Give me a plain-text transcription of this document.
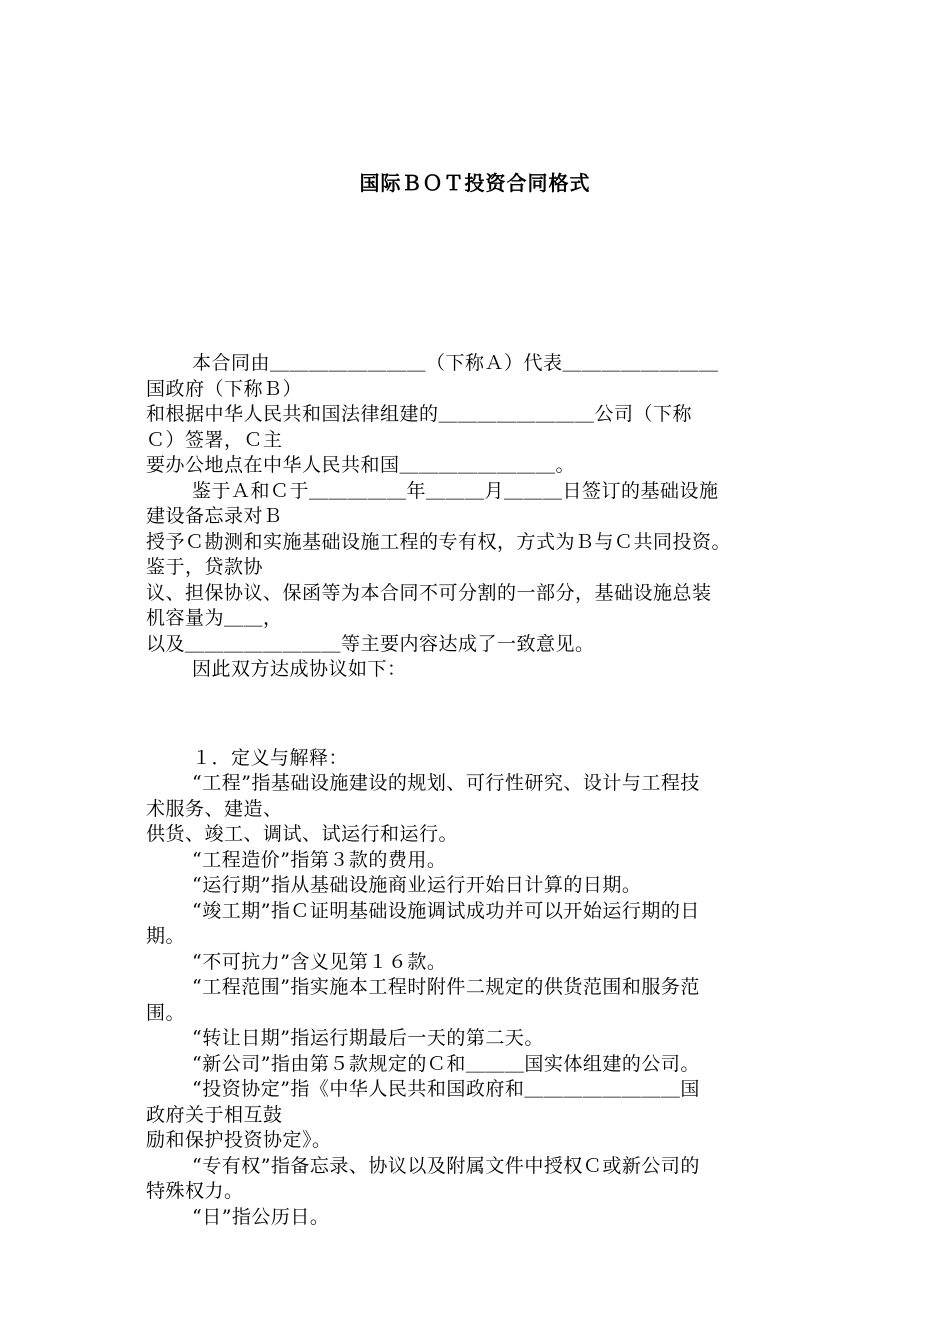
国际ＢＯＴ投资合同格式
本合同由＿＿＿＿＿＿＿＿（下称Ａ）代表＿＿＿＿＿＿＿＿
国政府（下称Ｂ）
和根据中华人民共和国法律组建的＿＿＿＿＿＿＿＿公司（下称
Ｃ）签署，Ｃ主
要办公地点在中华人民共和国＿＿＿＿＿＿＿＿。
鉴于Ａ和Ｃ于＿＿＿＿＿年＿＿＿月＿＿＿日签订的基础设施
建设备忘录对Ｂ
授予Ｃ勘测和实施基础设施工程的专有权，方式为Ｂ与Ｃ共同投资。
鉴于，贷款协
议、担保协议、保函等为本合同不可分割的一部分，基础设施总装
机容量为＿＿，
以及＿＿＿＿＿＿＿＿等主要内容达成了一致意见。
因此双方达成协议如下：
１．定义与解释：
“工程”指基础设施建设的规划、可行性研究、设计与工程技
术服务、建造、
供货、竣工、调试、试运行和运行。
“工程造价”指第３款的费用。
“运行期”指从基础设施商业运行开始日计算的日期。
“竣工期”指Ｃ证明基础设施调试成功并可以开始运行期的日
期。
“不可抗力”含义见第１６款。
“工程范围”指实施本工程时附件二规定的供货范围和服务范
围。
“转让日期”指运行期最后一天的第二天。
“新公司”指由第５款规定的Ｃ和＿＿＿国实体组建的公司。
“投资协定”指《中华人民共和国政府和＿＿＿＿＿＿＿＿国
政府关于相互鼓
励和保护投资协定》。
“专有权”指备忘录、协议以及附属文件中授权Ｃ或新公司的
特殊权力。
“日”指公历日。
